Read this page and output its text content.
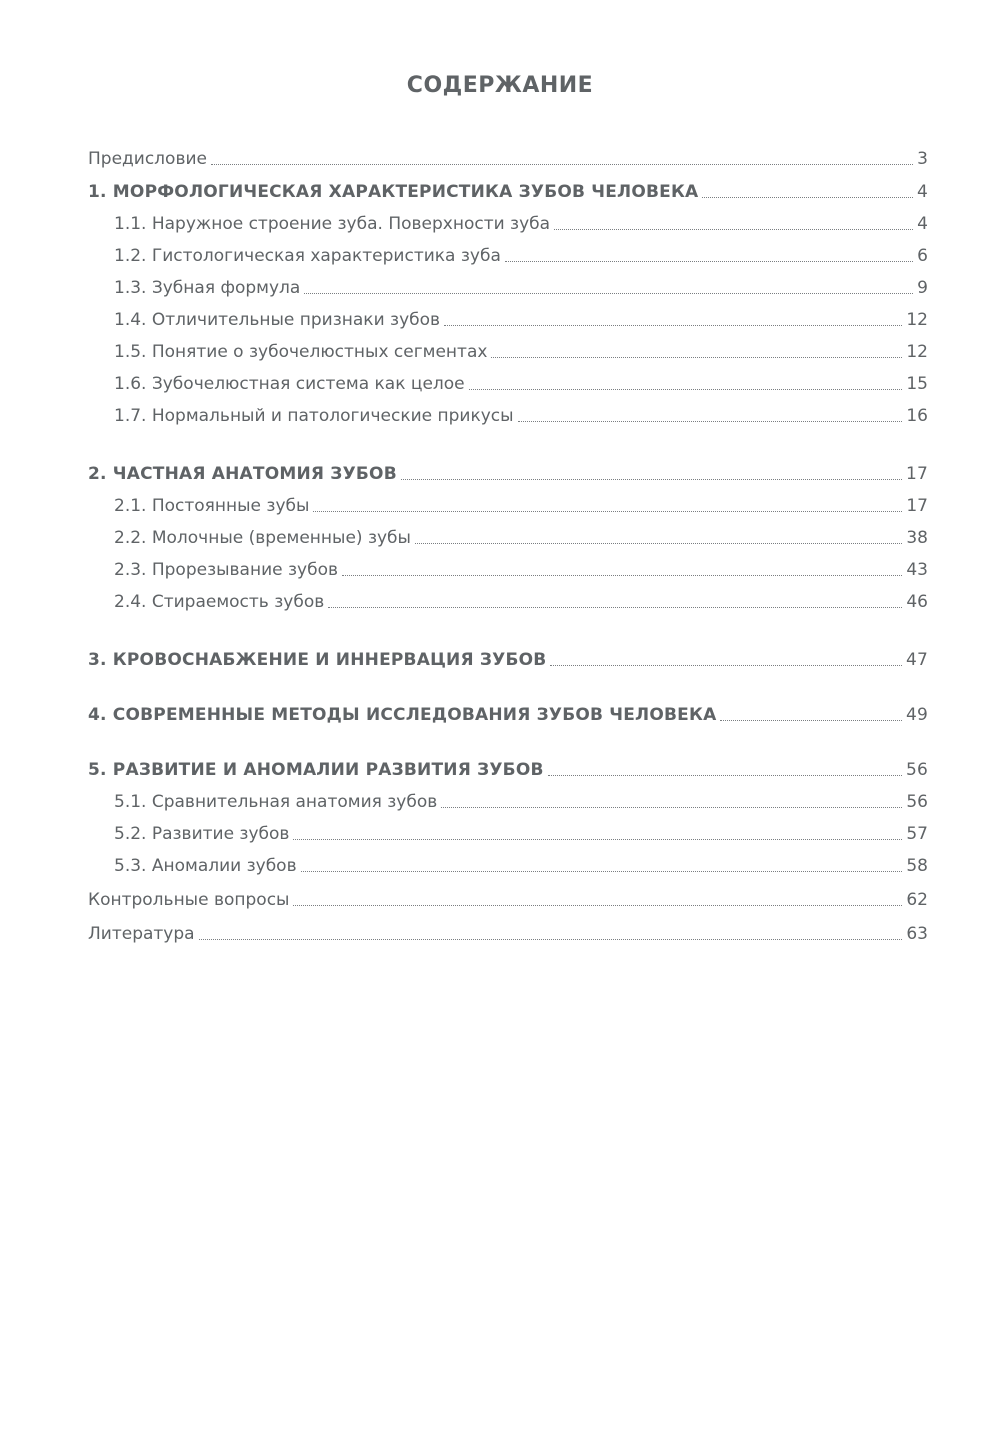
СОДЕРЖАНИЕ
Предисловие	3
1. МОРФОЛОГИЧЕСКАЯ ХАРАКТЕРИСТИКА ЗУБОВ ЧЕЛОВЕКА	4
1.1. Наружное строение зуба. Поверхности зуба	4
1.2. Гистологическая характеристика зуба	6
1.3. Зубная формула	9
1.4. Отличительные признаки зубов	12
1.5. Понятие о зубочелюстных сегментах	12
1.6. Зубочелюстная система как целое	15
1.7. Нормальный и патологические прикусы	16
2. ЧАСТНАЯ АНАТОМИЯ ЗУБОВ	17
2.1. Постоянные зубы	17
2.2. Молочные (временные) зубы	38
2.3. Прорезывание зубов	43
2.4. Стираемость зубов	46
3. КРОВОСНАБЖЕНИЕ И ИННЕРВАЦИЯ ЗУБОВ	47
4. СОВРЕМЕННЫЕ МЕТОДЫ ИССЛЕДОВАНИЯ ЗУБОВ ЧЕЛОВЕКА	49
5. РАЗВИТИЕ И АНОМАЛИИ РАЗВИТИЯ ЗУБОВ	56
5.1. Сравнительная анатомия зубов	56
5.2. Развитие зубов	57
5.3. Аномалии зубов	58
Контрольные вопросы	62
Литература	63
